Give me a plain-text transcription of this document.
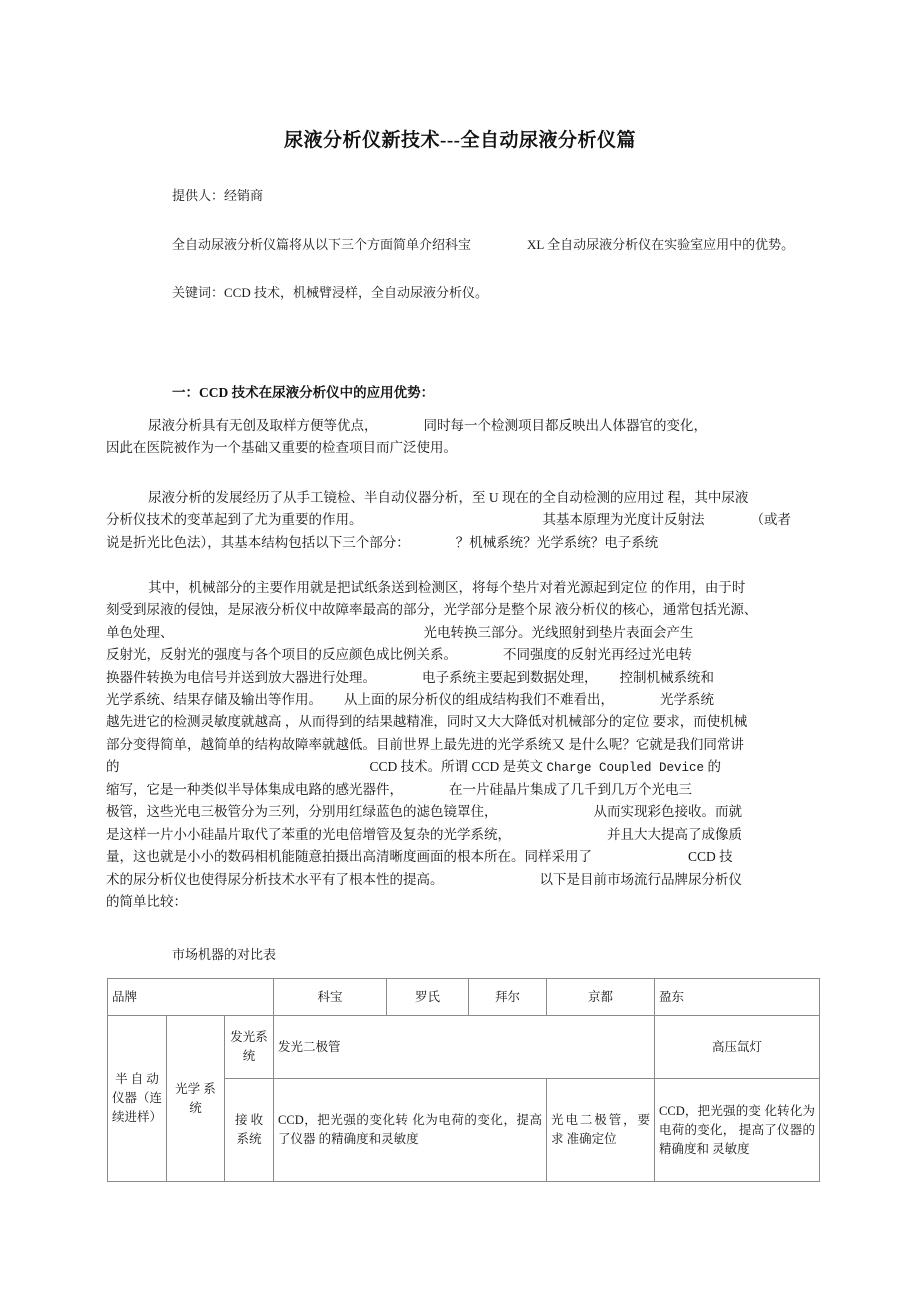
尿液分析仪新技术---全自动尿液分析仪篇

提供人：经销商

全自动尿液分析仪篇将从以下三个方面简单介绍科宝	XL 全自动尿液分析仪在实验室应用中的优势。

关键词：CCD 技术，机械臂浸样，全自动尿液分析仪。

一：CCD 技术在尿液分析仪中的应用优势：

尿液分析具有无创及取样方便等优点，	同时每一个检测项目都反映出人体器官的变化，

因此在医院被作为一个基础又重要的检查项目而广泛使用。

尿液分析的发展经历了从手工镜检、半自动仪器分析，至 U 现在的全自动检测的应用过 程，其中尿液

分析仪技术的变革起到了尤为重要的作用。	其基本原理为光度计反射法	（或者

说是折光比色法），其基本结构包括以下三个部分：	？机械系统？光学系统？电子系统

其中，机械部分的主要作用就是把试纸条送到检测区，将每个垫片对着光源起到定位 的作用，由于时

刻受到尿液的侵蚀，是尿液分析仪中故障率最高的部分，光学部分是整个尿 液分析仪的核心，通常包括光源、

单色处理、	光电转换三部分。光线照射到垫片表面会产生

反射光，反射光的强度与各个项目的反应颜色成比例关系。	不同强度的反射光再经过光电转

换器件转换为电信号并送到放大器进行处理。	电子系统主要起到数据处理， 控制机械系统和

光学系统、结果存储及输出等作用。 从上面的尿分析仪的组成结构我们不难看出，	光学系统

越先进它的检测灵敏度就越高 ，从而得到的结果越精准，同时又大大降低对机械部分的定位 要求，而使机械

部分变得简单，越简单的结构故障率就越低。目前世界上最先进的光学系统又 是什么呢？它就是我们同常讲

的	CCD 技术。所谓 CCD 是英文 Charge Coupled Device 的

缩写，它是一种类似半导体集成电路的感光器件，	在一片硅晶片集成了几千到几万个光电三

极管，这些光电三极管分为三列，分别用红绿蓝色的滤色镜罩住，	从而实现彩色接收。而就

是这样一片小小硅晶片取代了苯重的光电倍增管及复杂的光学系统，	并且大大提高了成像质

量，这也就是小小的数码相机能随意拍摄出高清晰度画面的根本所在。同样采用了	CCD 技

术的尿分析仪也使得尿分析技术水平有了根本性的提高。	以下是目前市场流行品牌尿分析仪

的简单比较：

市场机器的对比表
品牌			科宝	罗氏	拜尔	京都	盈东
半 自 动仪器（连续进样）	光学 系统	发光系统	发光二极管				高压氙灯
		接 收系统	CCD，把光强的变化转 化为电荷的变化，提高了仪器 的精确度和灵敏度			光电二极管，要求 准确定位	CCD，把光强的变 化转化为电荷的变化， 提高了仪器的精确度和 灵敏度
